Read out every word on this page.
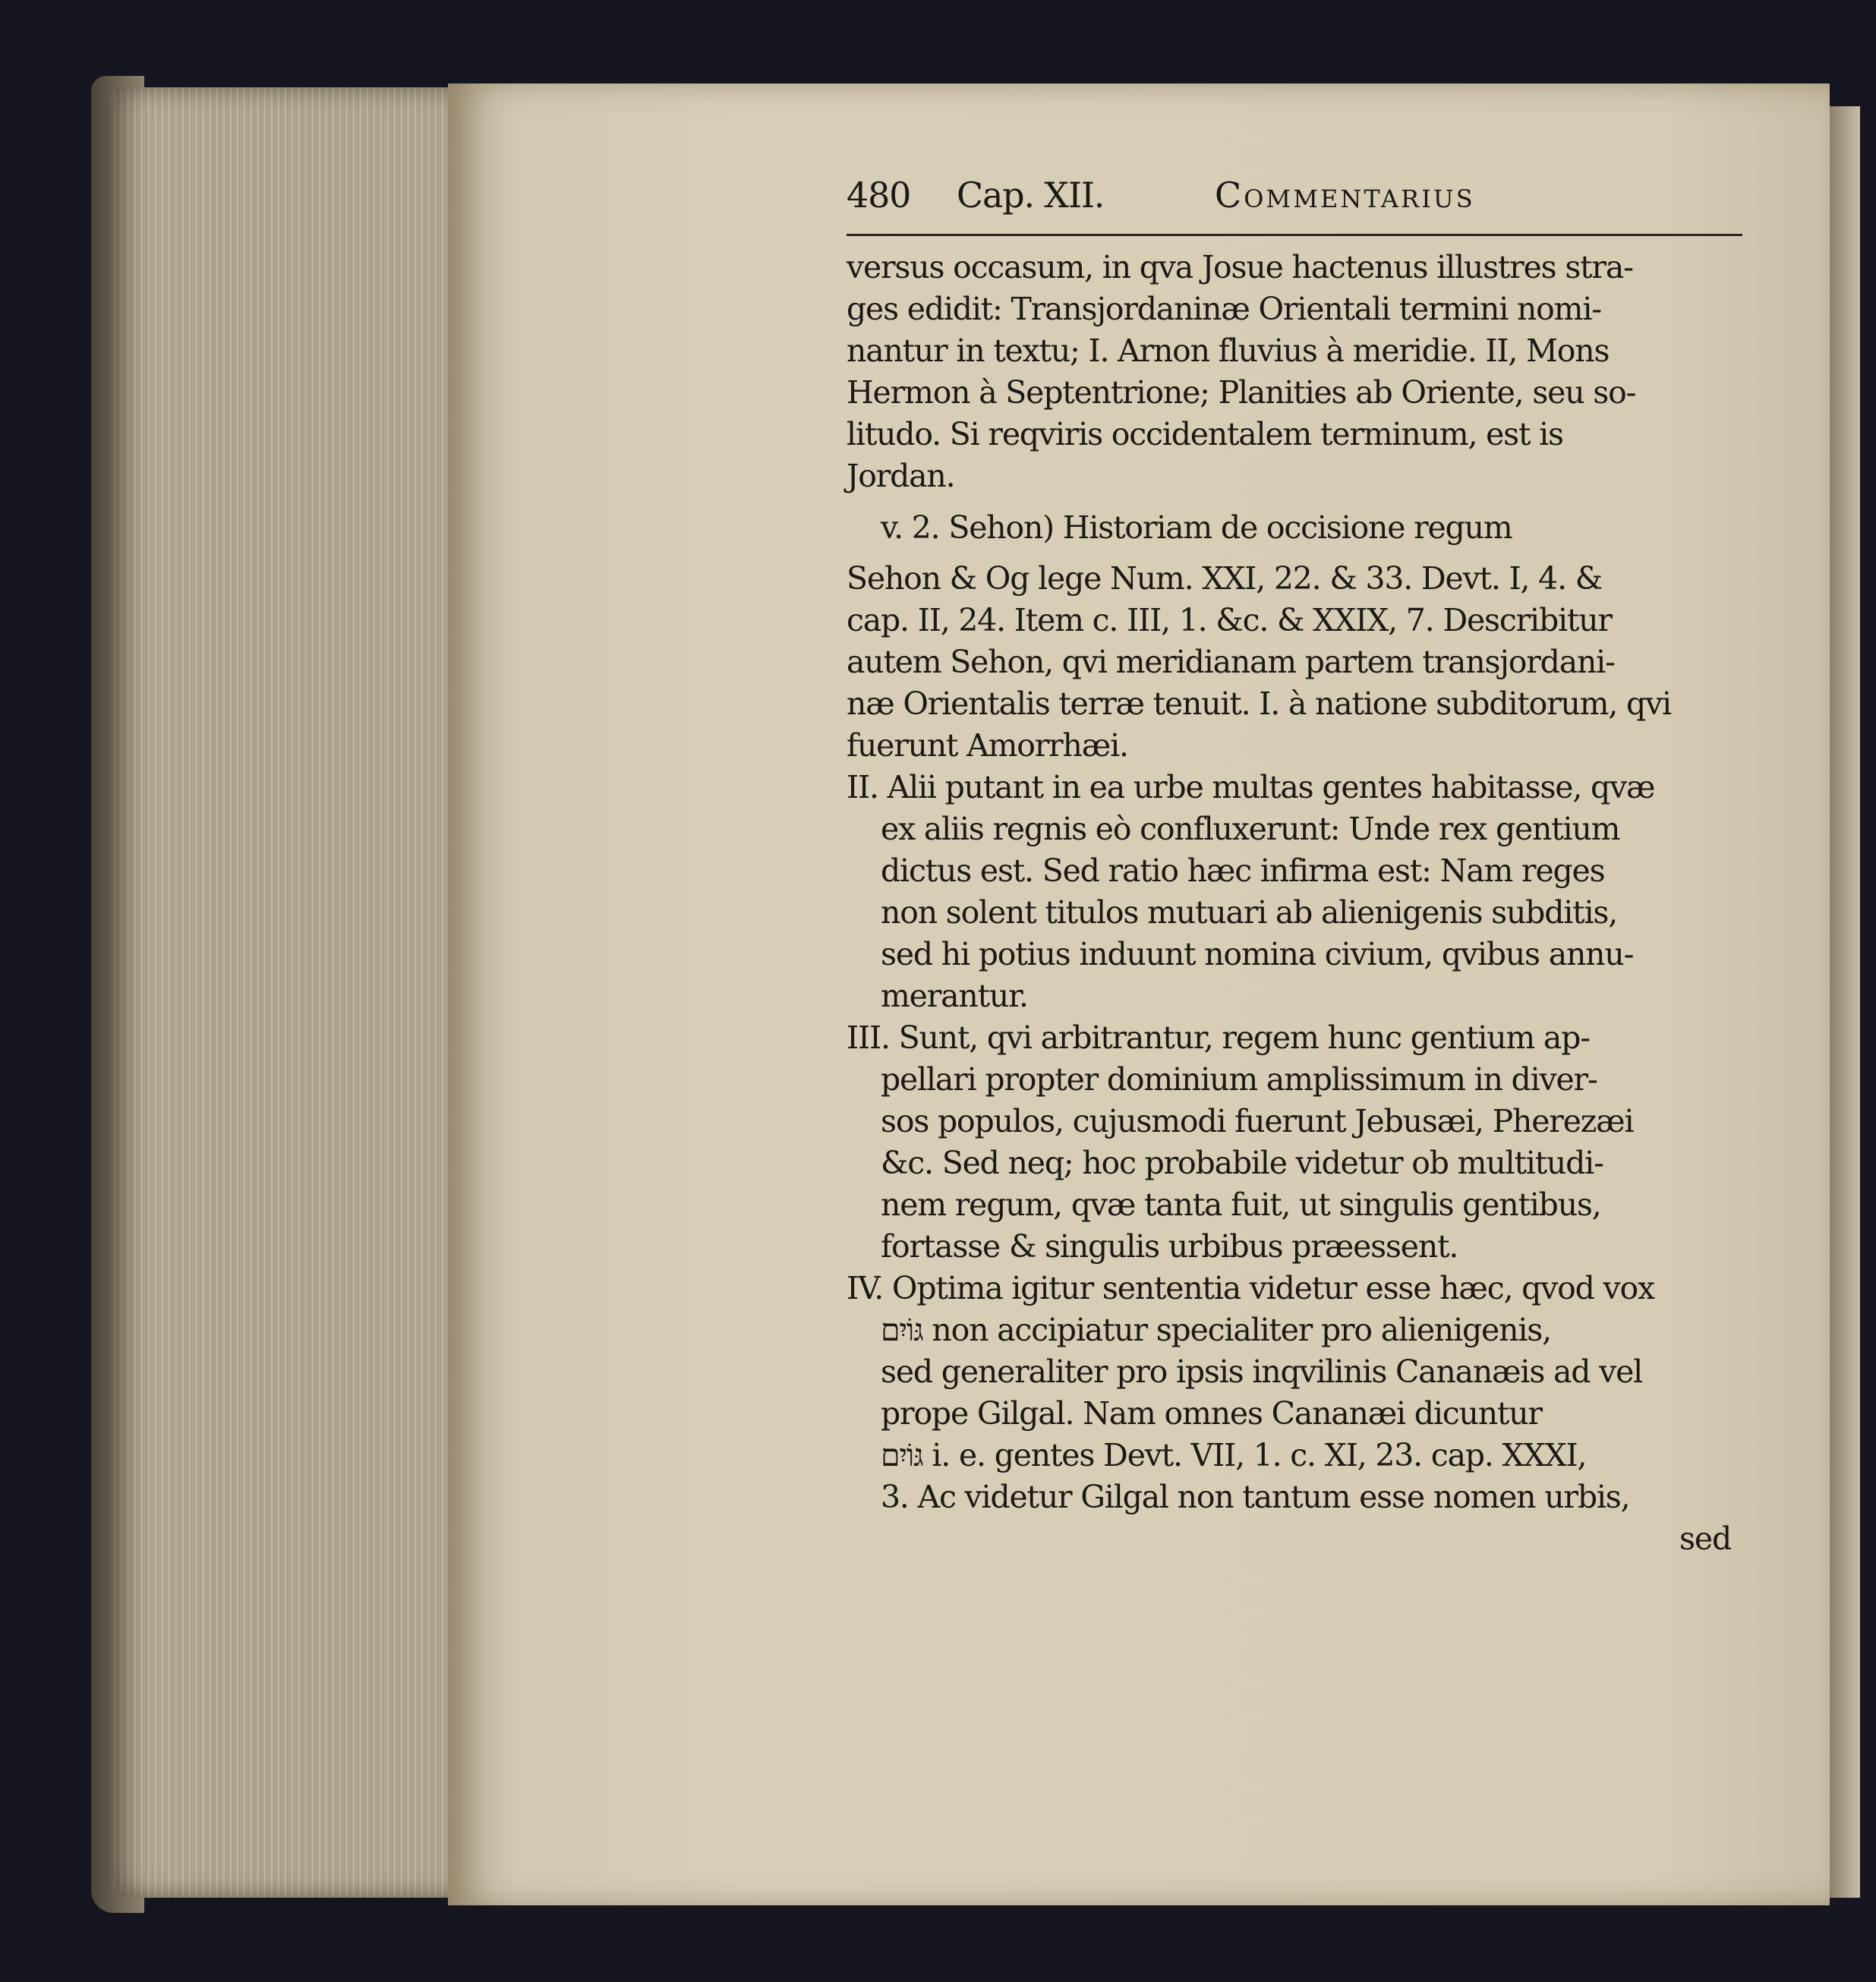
480	Cap. XII.	Commentarius
versus occasum, in qva Josue hactenus illustres stra-
ges edidit: Transjordaninæ Orientali termini nomi-
nantur in textu; I. Arnon fluvius à meridie. II, Mons
Hermon à Septentrione; Planities ab Oriente, seu so-
litudo. Si reqviris occidentalem terminum, est is
Jordan.
v. 2. Sehon) Historiam de occisione regum
Sehon & Og lege Num. XXI, 22. & 33. Devt. I, 4. &
cap. II, 24. Item c. III, 1. &c. & XXIX, 7. Describitur
autem Sehon, qvi meridianam partem transjordani-
næ Orientalis terræ tenuit. I. à natione subditorum, qvi
fuerunt Amorrhæi.
II. Alii putant in ea urbe multas gentes habitasse, qvæ
ex aliis regnis eò confluxerunt: Unde rex gentium
dictus est. Sed ratio hæc infirma est: Nam reges
non solent titulos mutuari ab alienigenis subditis,
sed hi potius induunt nomina civium, qvibus annu-
merantur.
III. Sunt, qvi arbitrantur, regem hunc gentium ap-
pellari propter dominium amplissimum in diver-
sos populos, cujusmodi fuerunt Jebusæi, Pherezæi
&c. Sed neq; hoc probabile videtur ob multitudi-
nem regum, qvæ tanta fuit, ut singulis gentibus,
fortasse & singulis urbibus præessent.
IV. Optima igitur sententia videtur esse hæc, qvod vox
גּוֹיִם non accipiatur specialiter pro alienigenis,
sed generaliter pro ipsis inqvilinis Cananæis ad vel
prope Gilgal. Nam omnes Cananæi dicuntur
גּוֹיִם i. e. gentes Devt. VII, 1. c. XI, 23. cap. XXXI,
3. Ac videtur Gilgal non tantum esse nomen urbis,
sed
